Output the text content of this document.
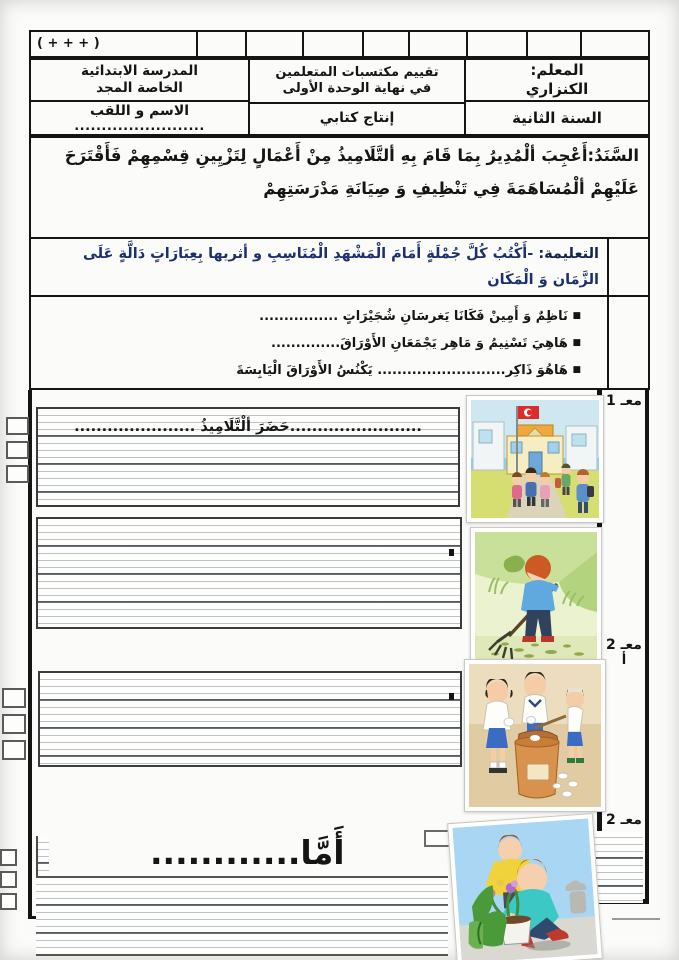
( + + + )
المعلم:
الكنزاري
السنة الثانية
تقييم مكتسبات المتعلمين
في نهاية الوحدة الأولى
إنتاج كتابي
المدرسة الابتدائية
الخاصة المجد
الاسم و اللقب
........................
السَّنَدُ:أَعْجِبَ ألْمُدِيرُ بِمَا قَامَ بِهِ ألتَّلَامِيذُ مِنْ أَعْمَالٍ لِتَزْيِينِ قِسْمِهِمْ فَأَقْتَرَحَ عَلَيْهِمْ ألْمُسَاهَمَةَ فِي تَنْظِيفِ وَ صِيَانَةِ مَدْرَسَتِهِمْ
التعليمة: -أَكْتُبُ كُلَّ جُمْلَةٍ أَمَامَ الْمَشْهَدِ الْمُنَاسِبِ و أثريها بِعِبَارَاتٍ دَالَّةٍ عَلَى الزَّمَان وَ الْمَكَان
■ نَاظِمٌ وَ أَمِينْ فَكَانَا يَغرسَانِ شُجَيْرَاتٍ ................
■ هَاهِيَ تَسْنِيمُ وَ مَاهِر يَجْمَعَانِ الأَوْرَاقَ..............
■ هَاهُوَ ذَاكِر.......................... يَكْنُسُ الأَوْرَاقَ الْيَابِسَةَ
معـ 1
معـ 2
أ
معـ 2
........................حَضَرَ ألْتَّلَامِيذُ ......................
أَمَّا............
